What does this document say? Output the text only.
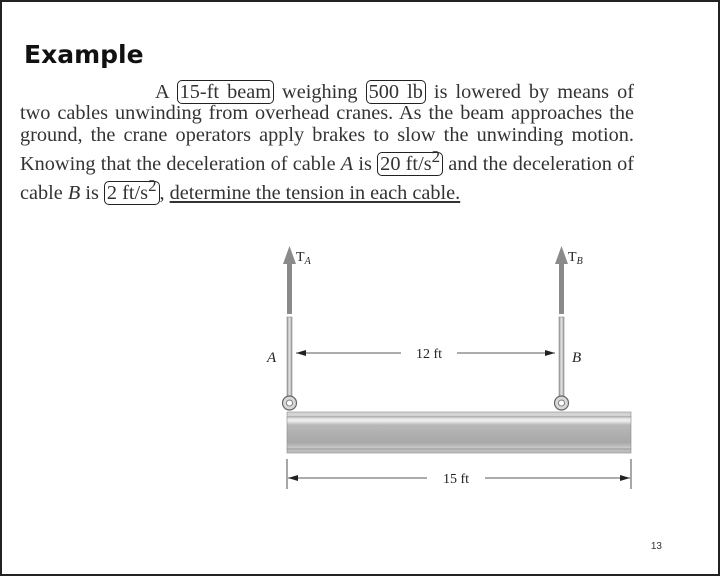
Example
A 15-ft beam weighing 500 lb is lowered by means of two cables unwinding from overhead cranes. As the beam approaches the ground, the crane operators apply brakes to slow the unwinding motion. Knowing that the deceleration of cable A is 20 $ft/s^2$ and the deceleration of cable B is 2 $ft/s^2$ , determine the tension in each cable.
$T_A$	$T_B$
A	B
12 ft
15 ft
13
